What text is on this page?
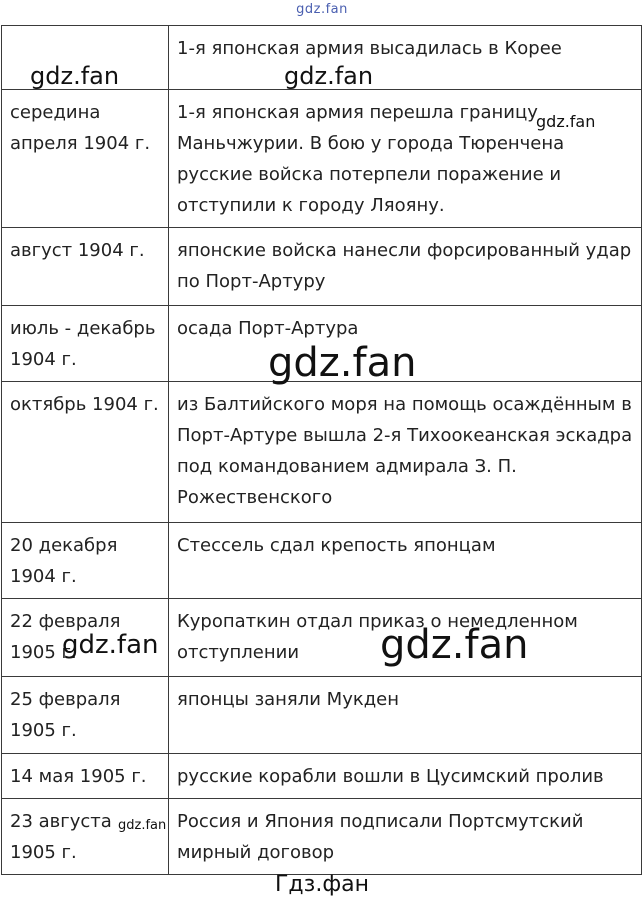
gdz.fan
	1-я японская армия высадилась в Корее
середина апреля 1904 г.	1-я японская армия перешла границу Маньчжурии. В бою у города Тюренчена русские войска потерпели поражение и отступили к городу Ляояну.
август 1904 г.	японские войска нанесли форсированный удар по Порт-Артуру
июль - декабрь 1904 г.	осада Порт-Артура
октябрь 1904 г.	из Балтийского моря на помощь осаждённым в Порт-Артуре вышла 2-я Тихоокеанская эскадра под командованием адмирала З. П. Рожественского
20 декабря 1904 г.	Стессель сдал крепость японцам
22 февраля 1905 г.	Куропаткин отдал приказ о немедленном отступлении
25 февраля 1905 г.	японцы заняли Мукден
14 мая 1905 г.	русские корабли вошли в Цусимский пролив
23 августа 1905 г.	Россия и Япония подписали Портсмутский мирный договор
gdz.fan	gdz.fan
gdz.fan
gdz.fan
gdz.fan
gdz.fan
gdz.fan
Гдз.фан
